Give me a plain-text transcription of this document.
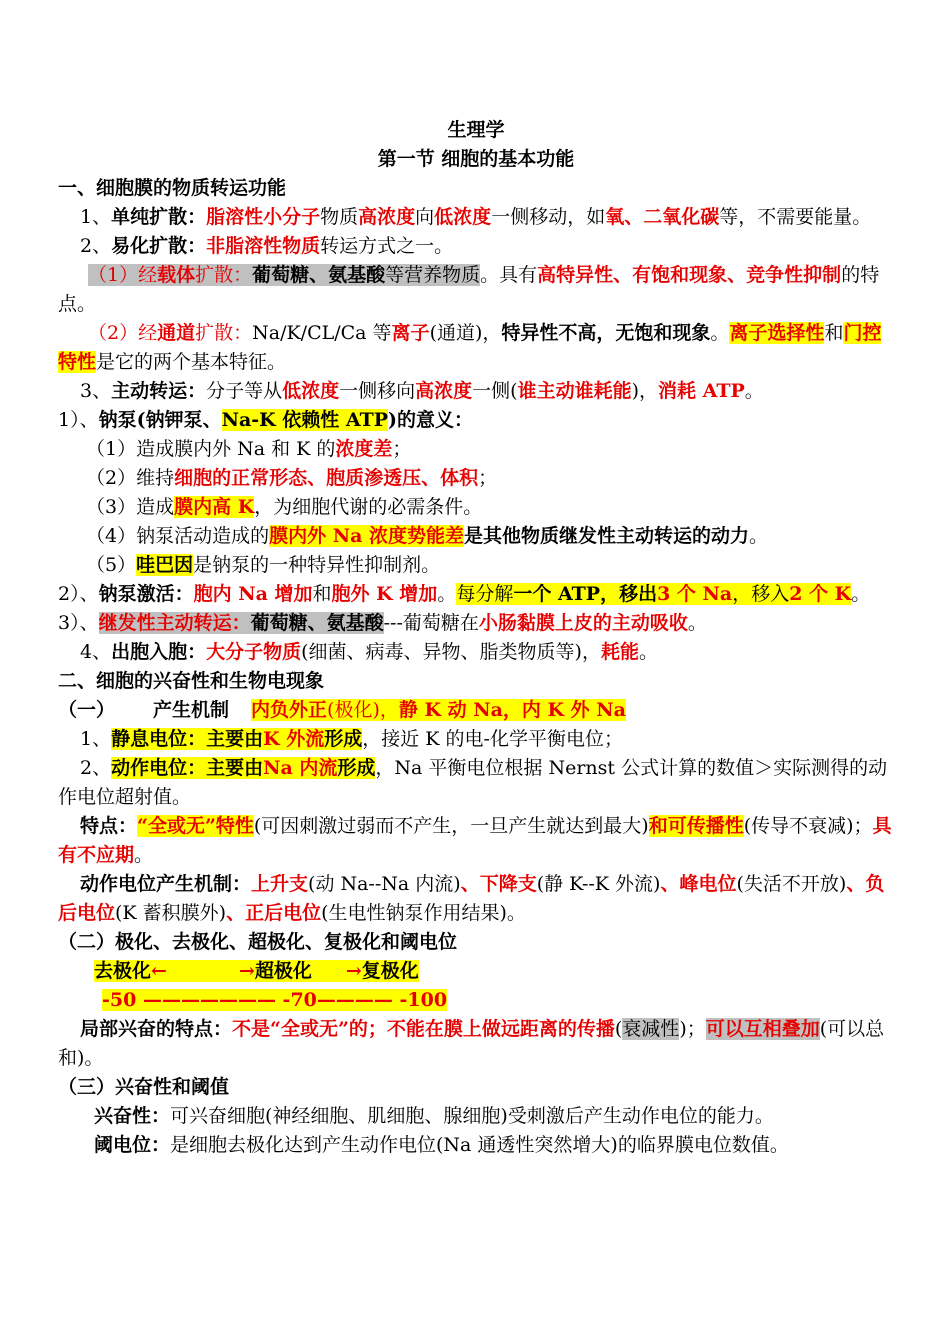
生理学
第一节 细胞的基本功能
一、细胞膜的物质转运功能
1、单纯扩散：脂溶性小分子物质高浓度向低浓度一侧移动，如氧、二氧化碳等，不需要能量。
2、易化扩散：非脂溶性物质转运方式之一。
（1）经载体扩散：葡萄糖、氨基酸等营养物质。具有高特异性、有饱和现象、竞争性抑制的特点。
（2）经通道扩散：Na/K/CL/Ca 等离子(通道)，特异性不高，无饱和现象。离子选择性和门控特性是它的两个基本特征。
3、主动转运：分子等从低浓度一侧移向高浓度一侧(谁主动谁耗能)，消耗 ATP。
1）、钠泵(钠钾泵、Na-K 依赖性 ATP)的意义：
（1）造成膜内外 Na 和 K 的浓度差；
（2）维持细胞的正常形态、胞质渗透压、体积；
（3）造成膜内高 K，为细胞代谢的必需条件。
（4）钠泵活动造成的膜内外 Na 浓度势能差是其他物质继发性主动转运的动力。
（5）哇巴因是钠泵的一种特异性抑制剂。
2）、钠泵激活：胞内 Na 增加和胞外 K 增加。每分解一个 ATP，移出3 个 Na，移入2 个 K。
3）、继发性主动转运：葡萄糖、氨基酸---葡萄糖在小肠黏膜上皮的主动吸收。
4、出胞入胞：大分子物质(细菌、病毒、异物、脂类物质等)，耗能。
二、细胞的兴奋性和生物电现象
（一） 产生机制 内负外正(极化)，静 K 动 Na，内 K 外 Na
1、静息电位：主要由K 外流形成，接近 K 的电-化学平衡电位；
2、动作电位：主要由Na 内流形成，Na 平衡电位根据 Nernst 公式计算的数值＞实际测得的动作电位超射值。
特点：“全或无”特性(可因刺激过弱而不产生，一旦产生就达到最大)和可传播性(传导不衰减)；具有不应期。
动作电位产生机制：上升支(动 Na--Na 内流)、下降支(静 K--K 外流)、峰电位(失活不开放)、负后电位(K 蓄积膜外)、正后电位(生电性钠泵作用结果)。
（二）极化、去极化、超极化、复极化和阈电位
去极化←	→超极化 →复极化
-50 ——————— -70———— -100
局部兴奋的特点：不是“全或无”的；不能在膜上做远距离的传播(衰减性)；可以互相叠加(可以总和)。
（三）兴奋性和阈值
兴奋性：可兴奋细胞(神经细胞、肌细胞、腺细胞)受刺激后产生动作电位的能力。
阈电位：是细胞去极化达到产生动作电位(Na 通透性突然增大)的临界膜电位数值。
